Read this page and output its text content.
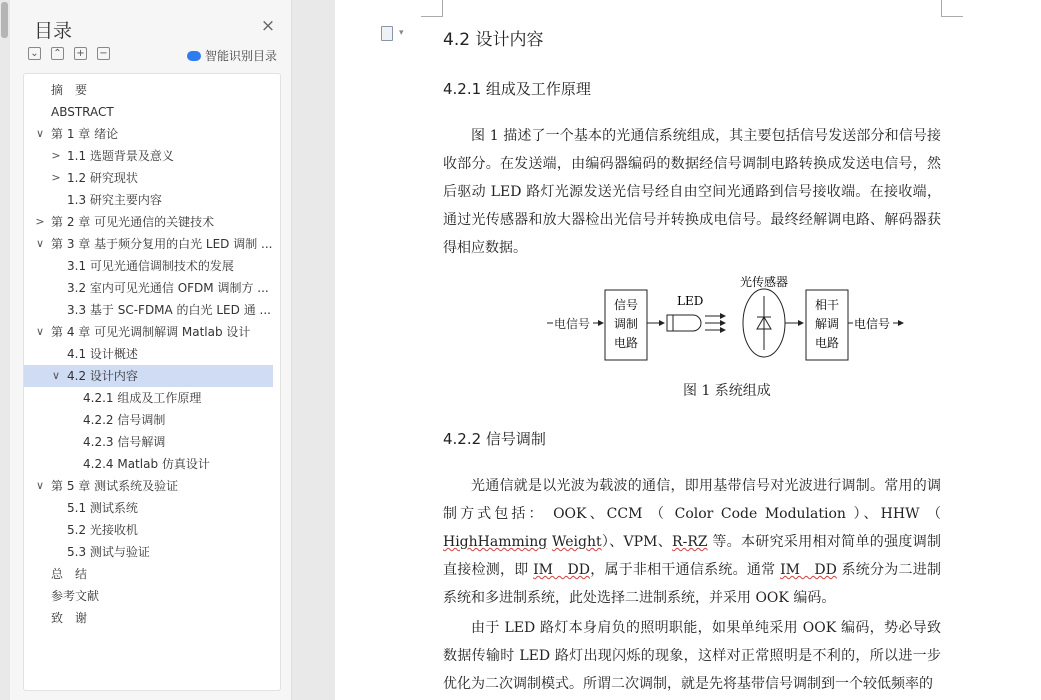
目录	×
⌄ ⌃ + −	智能识别目录
摘　要
ABSTRACT
∨ 第 1 章 绪论
> 1.1 选题背景及意义
> 1.2 研究现状
1.3 研究主要内容
> 第 2 章 可见光通信的关键技术
∨ 第 3 章 基于频分复用的白光 LED 调制 ...
3.1 可见光通信调制技术的发展
3.2 室内可见光通信 OFDM 调制方 ...
3.3 基于 SC-FDMA 的白光 LED 通 ...
∨ 第 4 章 可见光调制解调 Matlab 设计
4.1 设计概述
∨ 4.2 设计内容
4.2.1 组成及工作原理
4.2.2 信号调制
4.2.3 信号解调
4.2.4 Matlab 仿真设计
∨ 第 5 章 测试系统及验证
5.1 测试系统
5.2 光接收机
5.3 测试与验证
总　结
参考文献
致　谢
▾ 4.2 设计内容
4.2.1 组成及工作原理
图 1 描述了一个基本的光通信系统组成，其主要包括信号发送部分和信号接收部分。在发送端，由编码器编码的数据经信号调制电路转换成发送电信号，然后驱动 LED 路灯光源发送光信号经自由空间光通路到信号接收端。在接收端，通过光传感器和放大器检出光信号并转换成电信号。最终经解调电路、解码器获得相应数据。
电信号
信号
调制
电路
LED
光传感器
相干
解调
电路
电信号
图 1 系统组成
4.2.2 信号调制
光通信就是以光波为载波的通信，即用基带信号对光波进行调制。常用的调制方式包括： OOK、CCM （ Color Code Modulation ）、HHW （ HighHamming Weight）、VPM、R-RZ 等。本研究采用相对简单的强度调制直接检测，即 IM　DD，属于非相干通信系统。通常 IM　DD 系统分为二进制系统和多进制系统，此处选择二进制系统，并采用 OOK 编码。
由于 LED 路灯本身肩负的照明职能，如果单纯采用 OOK 编码，势必导致数据传输时 LED 路灯出现闪烁的现象，这样对正常照明是不利的，所以进一步优化为二次调制模式。所谓二次调制，就是先将基带信号调制到一个较低频率的
